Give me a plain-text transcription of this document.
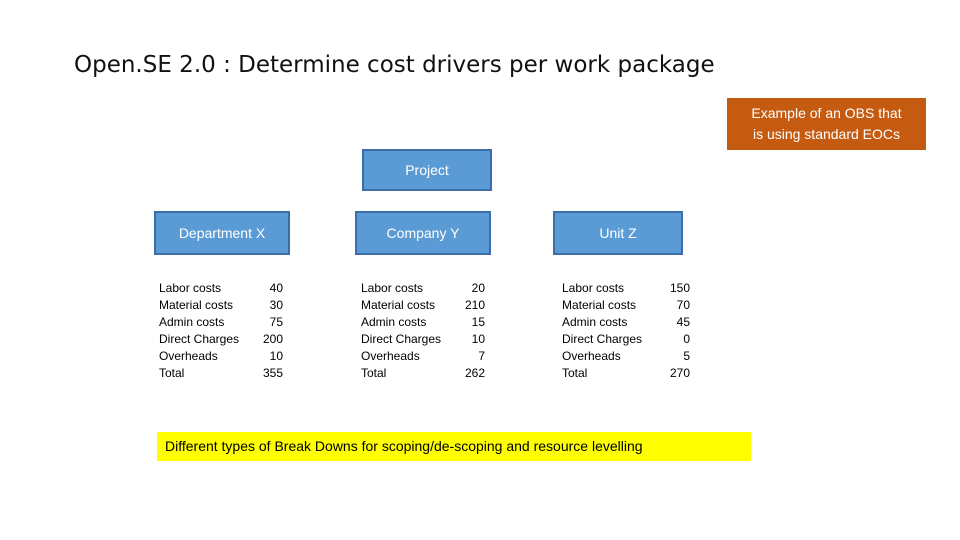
Open.SE 2.0 : Determine cost drivers per work package
Example of an OBS that
is using standard EOCs
Project
Department X	Company Y	Unit Z
Labor costs	40
Material costs	30
Admin costs	75
Direct Charges	200
Overheads	10
Total	355
Labor costs	20
Material costs	210
Admin costs	15
Direct Charges	10
Overheads	7
Total	262
Labor costs	150
Material costs	70
Admin costs	45
Direct Charges	0
Overheads	5
Total	270
Different types of Break Downs for scoping/de-scoping and resource levelling
